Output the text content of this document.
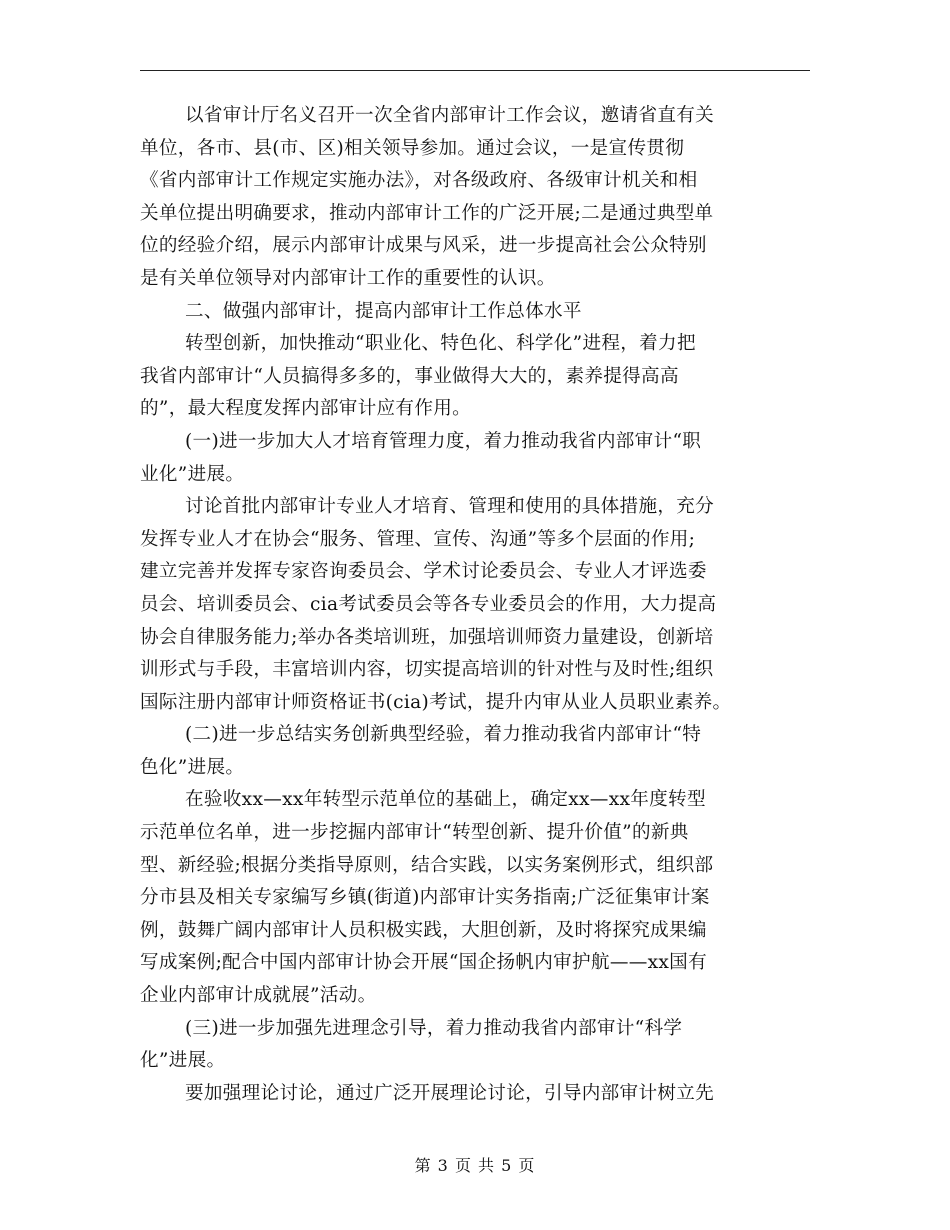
以省审计厅名义召开一次全省内部审计工作会议，邀请省直有关
单位，各市、县(市、区)相关领导参加。通过会议，一是宣传贯彻
《省内部审计工作规定实施办法》，对各级政府、各级审计机关和相
关单位提出明确要求，推动内部审计工作的广泛开展;二是通过典型单
位的经验介绍，展示内部审计成果与风采，进一步提高社会公众特别
是有关单位领导对内部审计工作的重要性的认识。
二、做强内部审计，提高内部审计工作总体水平
转型创新，加快推动“职业化、特色化、科学化”进程，着力把
我省内部审计“人员搞得多多的，事业做得大大的，素养提得高高
的”，最大程度发挥内部审计应有作用。
(一)进一步加大人才培育管理力度，着力推动我省内部审计“职
业化”进展。
讨论首批内部审计专业人才培育、管理和使用的具体措施，充分
发挥专业人才在协会“服务、管理、宣传、沟通”等多个层面的作用;
建立完善并发挥专家咨询委员会、学术讨论委员会、专业人才评选委
员会、培训委员会、cia考试委员会等各专业委员会的作用，大力提高
协会自律服务能力;举办各类培训班，加强培训师资力量建设，创新培
训形式与手段，丰富培训内容，切实提高培训的针对性与及时性;组织
国际注册内部审计师资格证书(cia)考试，提升内审从业人员职业素养。
(二)进一步总结实务创新典型经验，着力推动我省内部审计“特
色化”进展。
在验收xx—xx年转型示范单位的基础上，确定xx—xx年度转型
示范单位名单，进一步挖掘内部审计“转型创新、提升价值”的新典
型、新经验;根据分类指导原则，结合实践，以实务案例形式，组织部
分市县及相关专家编写乡镇(街道)内部审计实务指南;广泛征集审计案
例，鼓舞广阔内部审计人员积极实践，大胆创新，及时将探究成果编
写成案例;配合中国内部审计协会开展“国企扬帆内审护航——xx国有
企业内部审计成就展”活动。
(三)进一步加强先进理念引导，着力推动我省内部审计“科学
化”进展。
要加强理论讨论，通过广泛开展理论讨论，引导内部审计树立先
第 3 页 共 5 页
